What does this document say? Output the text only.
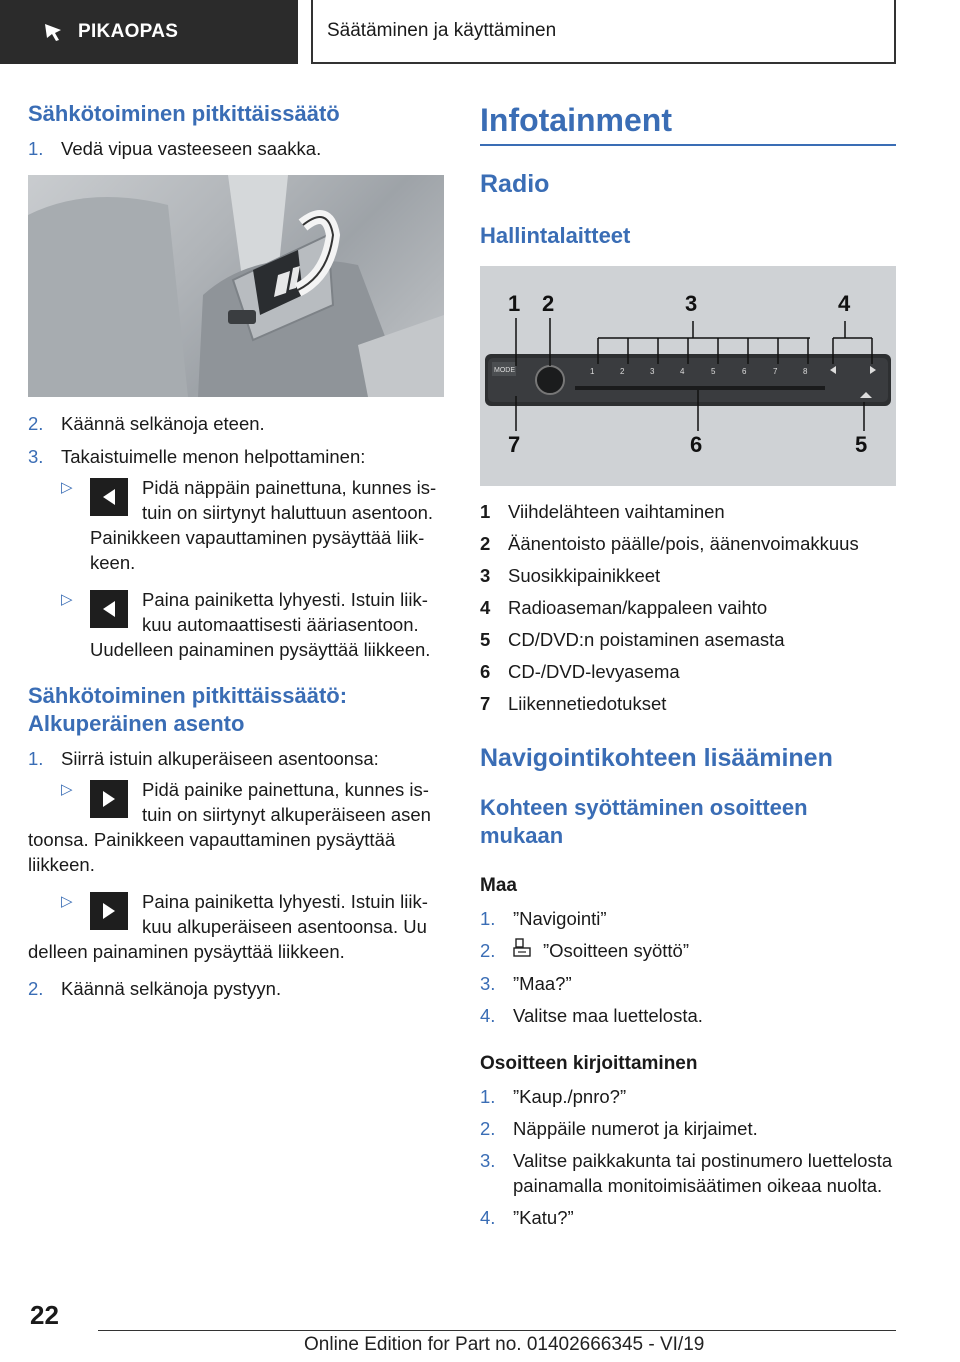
PIKAOPAS	Säätäminen ja käyttäminen
Sähkötoiminen pitkittäissäätö
1. Vedä vipua vasteeseen saakka.
2. Käännä selkänoja eteen.
3. Takaistuimelle menon helpottaminen:
▷	Pidä näppäin painettuna, kunnes istuin on siirtynyt haluttuun asentoon.
Painikkeen vapauttaminen pysäyttää liikkeen.
▷	Paina painiketta lyhyesti. Istuin liikkuu automaattisesti ääriasentoon.
Uudelleen painaminen pysäyttää liikkeen.
Sähkötoiminen pitkittäissäätö: Alkuperäinen asento
1. Siirrä istuin alkuperäiseen asentoonsa:
▷	Pidä painike painettuna, kunnes istuin on siirtynyt alkuperäiseen asen
toonsa. Painikkeen vapauttaminen pysäyttää liikkeen.
▷	Paina painiketta lyhyesti. Istuin liikkuu alkuperäiseen asentoonsa. Uu
delleen painaminen pysäyttää liikkeen.
2. Käännä selkänoja pystyyn.
Infotainment
Radio
Hallintalaitteet
1 2	3	4
7	6	5
MODE	1	2	3	4	5	6	7	8
1 Viihdelähteen vaihtaminen
2 Äänentoisto päälle/pois, äänenvoimakkuus
3 Suosikkipainikkeet
4 Radioaseman/kappaleen vaihto
5 CD/DVD:n poistaminen asemasta
6 CD-/DVD-levyasema
7 Liikennetiedotukset
Navigointikohteen lisääminen
Kohteen syöttäminen osoitteen mukaan
Maa
1. ”Navigointi”
2.	”Osoitteen syöttö”
3. ”Maa?”
4. Valitse maa luettelosta.
Osoitteen kirjoittaminen
1. ”Kaup./pnro?”
2. Näppäile numerot ja kirjaimet.
3. Valitse paikkakunta tai postinumero luettelosta painamalla monitoimisäätimen oikeaa nuolta.
4. ”Katu?”
22
Online Edition for Part no. 01402666345 - VI/19
